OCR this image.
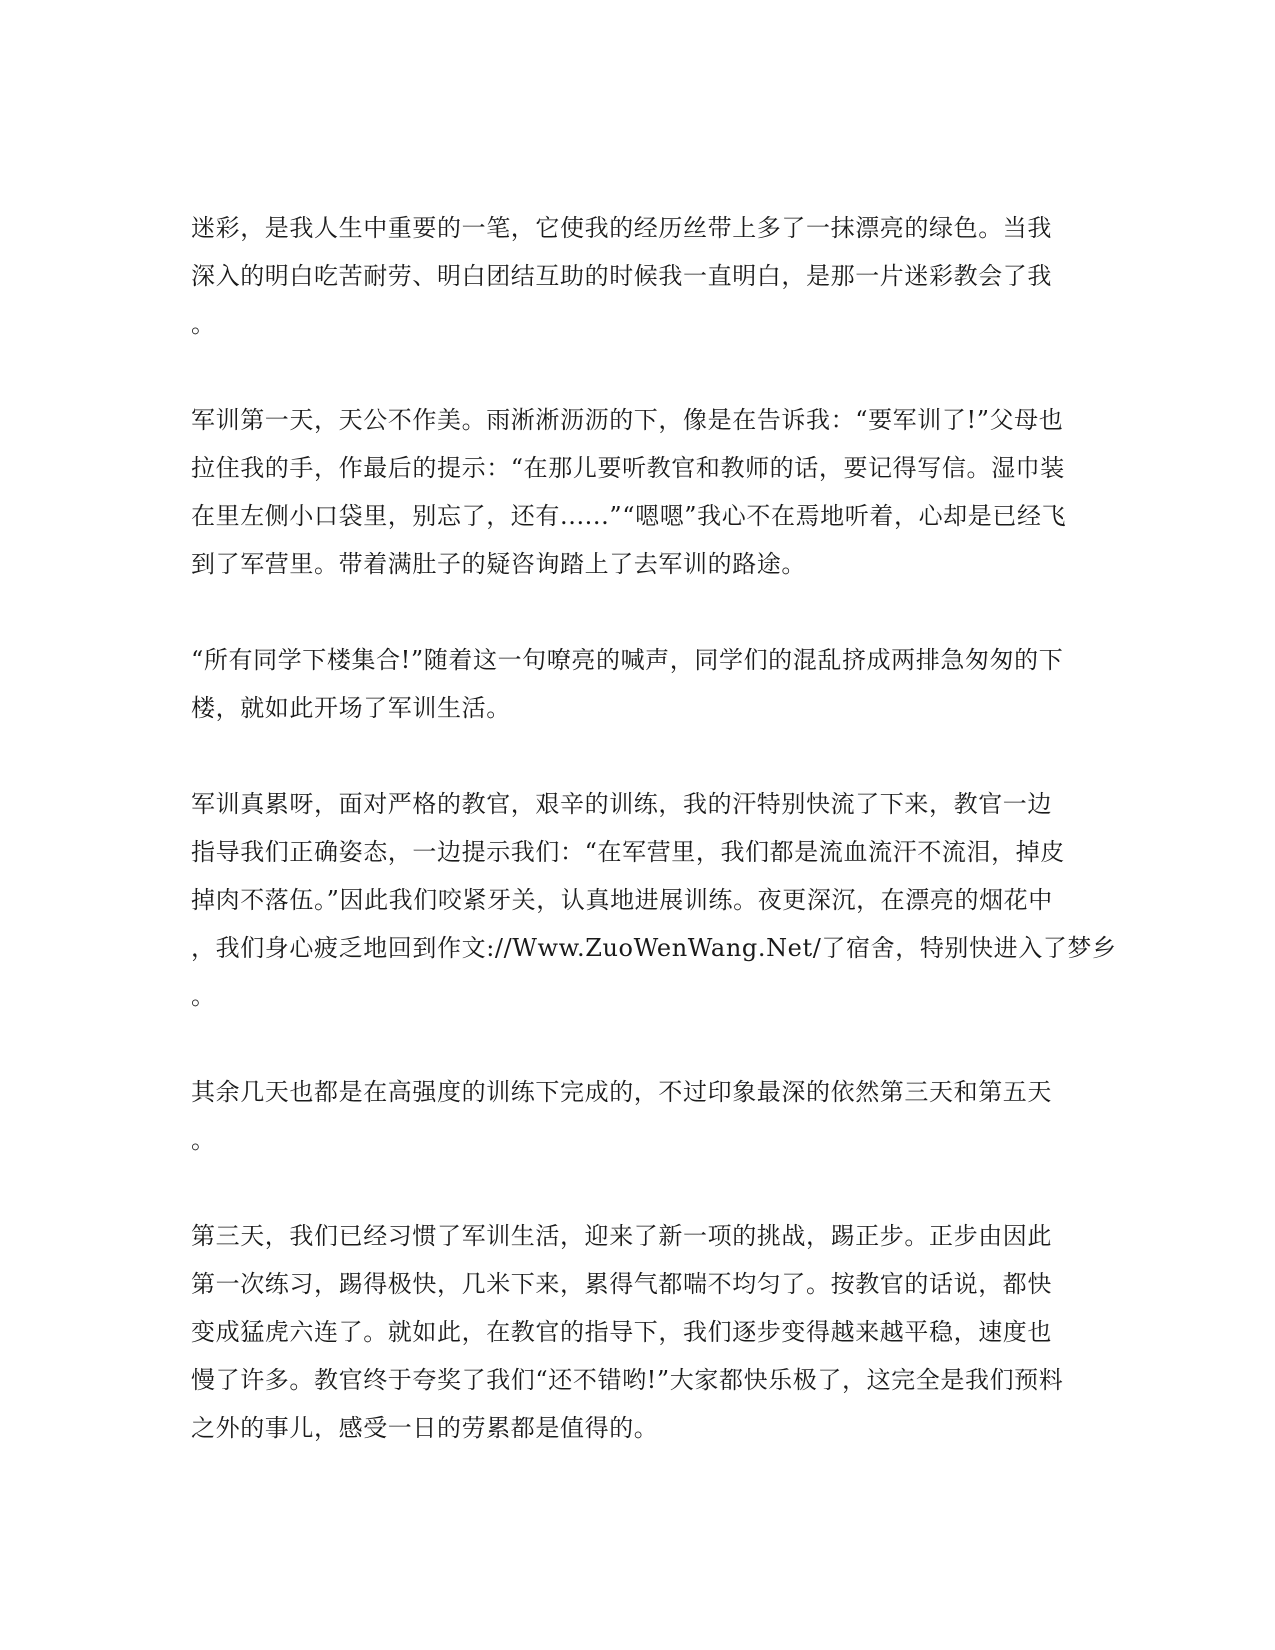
迷彩，是我人生中重要的一笔，它使我的经历丝带上多了一抹漂亮的绿色。当我
深入的明白吃苦耐劳、明白团结互助的时候我一直明白，是那一片迷彩教会了我
。
军训第一天，天公不作美。雨淅淅沥沥的下，像是在告诉我：“要军训了!”父母也
拉住我的手，作最后的提示：“在那儿要听教官和教师的话，要记得写信。湿巾装
在里左侧小口袋里，别忘了，还有......”“嗯嗯”我心不在焉地听着，心却是已经飞
到了军营里。带着满肚子的疑咨询踏上了去军训的路途。
“所有同学下楼集合!”随着这一句嘹亮的喊声，同学们的混乱挤成两排急匆匆的下
楼，就如此开场了军训生活。
军训真累呀，面对严格的教官，艰辛的训练，我的汗特别快流了下来，教官一边
指导我们正确姿态，一边提示我们：“在军营里，我们都是流血流汗不流泪，掉皮
掉肉不落伍。”因此我们咬紧牙关，认真地进展训练。夜更深沉，在漂亮的烟花中
，我们身心疲乏地回到作文://Www.ZuoWenWang.Net/了宿舍，特别快进入了梦乡
。
其余几天也都是在高强度的训练下完成的，不过印象最深的依然第三天和第五天
。
第三天，我们已经习惯了军训生活，迎来了新一项的挑战，踢正步。正步由因此
第一次练习，踢得极快，几米下来，累得气都喘不均匀了。按教官的话说，都快
变成猛虎六连了。就如此，在教官的指导下，我们逐步变得越来越平稳，速度也
慢了许多。教官终于夸奖了我们“还不错哟!”大家都快乐极了，这完全是我们预料
之外的事儿，感受一日的劳累都是值得的。
